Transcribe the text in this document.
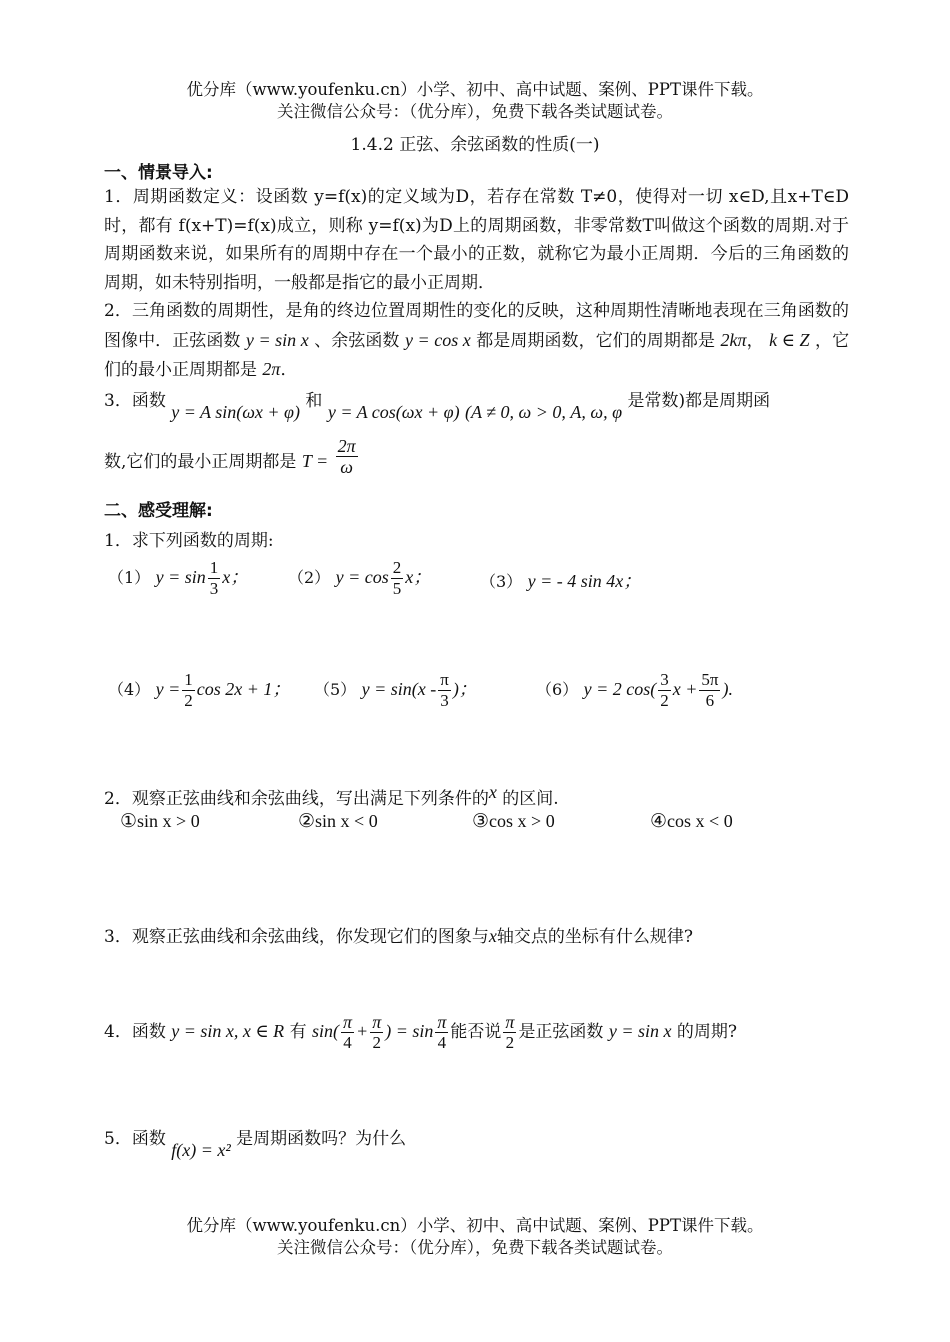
优分库（www.youfenku.cn）小学、初中、高中试题、案例、PPT课件下载。
关注微信公众号：（优分库），免费下载各类试题试卷。
1.4.2 正弦、余弦函数的性质(一)
一、情景导入:
1．周期函数定义：设函数 y=f(x)的定义域为D，若存在常数 T≠0，使得对一切 x∈D,且x+T∈D时，都有 f(x+T)=f(x)成立，则称 y=f(x)为D上的周期函数，非零常数T叫做这个函数的周期.对于周期函数来说，如果所有的周期中存在一个最小的正数，就称它为最小正周期．今后的三角函数的周期，如未特别指明，一般都是指它的最小正周期．
2．三角函数的周期性，是角的终边位置周期性的变化的反映，这种周期性清晰地表现在三角函数的图像中．正弦函数 y = sin x 、余弦函数 y = cos x 都是周期函数，它们的周期都是 2kπ， k ∈ Z ，它们的最小正周期都是 2π．
3．函数 y = A sin(ωx + φ) 和 y = A cos(ωx + φ) (A ≠ 0, ω > 0, A, ω, φ 是常数)都是周期函
数,它们的最小正周期都是 $T = \frac{2\pi}{\omega}$
二、感受理解:
1．求下列函数的周期:
（1） $y = \sin \frac{1}{3}$ x； （2） $y = \cos \frac{2}{5}$ x；	（3） y = - 4 sin 4x；
（4） $y = \frac{1}{2}$ cos 2x + 1； （5） $y = \sin(x - \frac{\pi}{3}$ )；	（6） y = 2 $\cos( \frac{3}{2}$ $x + \frac{5\pi}{6}$ ).
2．观察正弦曲线和余弦曲线，写出满足下列条件的x 的区间.
①sin x > 0	②sin x < 0	③cos x > 0	④cos x < 0
3．观察正弦曲线和余弦曲线，你发现它们的图象与x轴交点的坐标有什么规律?
4．函数 y = sin x, x ∈ R 有 $\sin( \frac{\pi}{4} + \frac{\pi}{2}$ ) = $\sin \frac{\pi}{4}$ 能否说 $\frac{\pi}{2}$ 是正弦函数 y = sin x 的周期?
5．函数 f(x) = x² 是周期函数吗？为什么
优分库（www.youfenku.cn）小学、初中、高中试题、案例、PPT课件下载。
关注微信公众号：（优分库），免费下载各类试题试卷。
